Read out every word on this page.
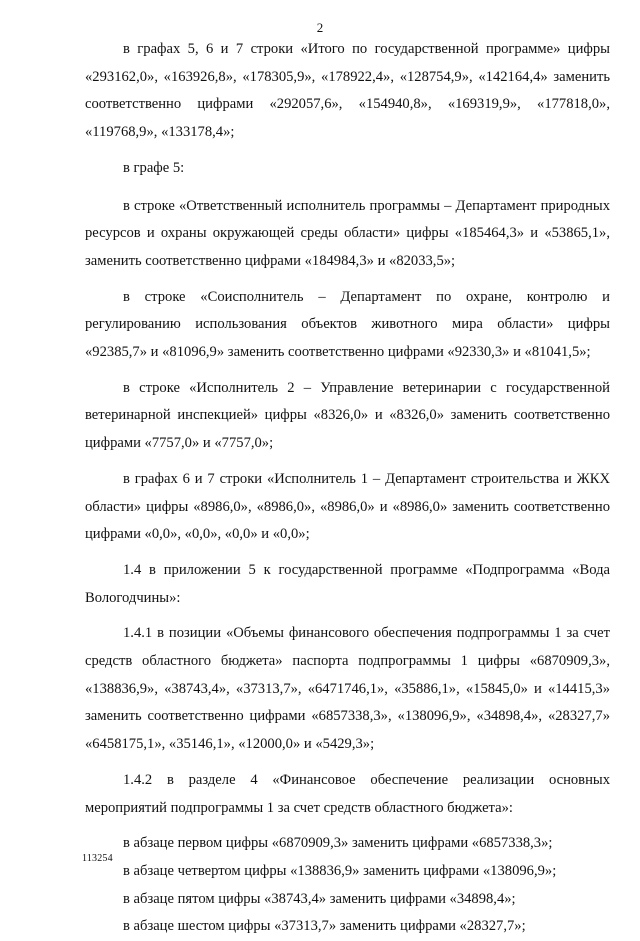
2

в графах 5, 6 и 7 строки «Итого по государственной программе» цифры «293162,0», «163926,8», «178305,9», «178922,4», «128754,9», «142164,4» заменить соответственно цифрами «292057,6», «154940,8», «169319,9», «177818,0», «119768,9», «133178,4»;

в графе 5:

в строке «Ответственный исполнитель программы – Департамент природных ресурсов и охраны окружающей среды области» цифры «185464,3» и «53865,1», заменить соответственно цифрами «184984,3» и «82033,5»;

в строке «Соисполнитель – Департамент по охране, контролю и регулированию использования объектов животного мира области» цифры «92385,7» и «81096,9» заменить соответственно цифрами «92330,3» и «81041,5»;

в строке «Исполнитель 2 – Управление ветеринарии с государственной ветеринарной инспекцией» цифры «8326,0» и «8326,0» заменить соответственно цифрами «7757,0» и «7757,0»;

в графах 6 и 7 строки «Исполнитель 1 – Департамент строительства и ЖКХ области» цифры «8986,0», «8986,0», «8986,0» и «8986,0» заменить соответственно цифрами «0,0», «0,0», «0,0» и «0,0»;

1.4 в приложении 5 к государственной программе «Подпрограмма «Вода Вологодчины»:

1.4.1 в позиции «Объемы финансового обеспечения подпрограммы 1 за счет средств областного бюджета» паспорта подпрограммы 1 цифры «6870909,3», «138836,9», «38743,4», «37313,7», «6471746,1», «35886,1», «15845,0» и «14415,3» заменить соответственно цифрами «6857338,3», «138096,9», «34898,4», «28327,7» «6458175,1», «35146,1», «12000,0» и «5429,3»;

1.4.2 в разделе 4 «Финансовое обеспечение реализации основных мероприятий подпрограммы 1 за счет средств областного бюджета»:

в абзаце первом цифры «6870909,3» заменить цифрами «6857338,3»;

в абзаце четвертом цифры «138836,9» заменить цифрами «138096,9»;

в абзаце пятом цифры «38743,4» заменить цифрами «34898,4»;

в абзаце шестом цифры «37313,7» заменить цифрами «28327,7»;

113254
